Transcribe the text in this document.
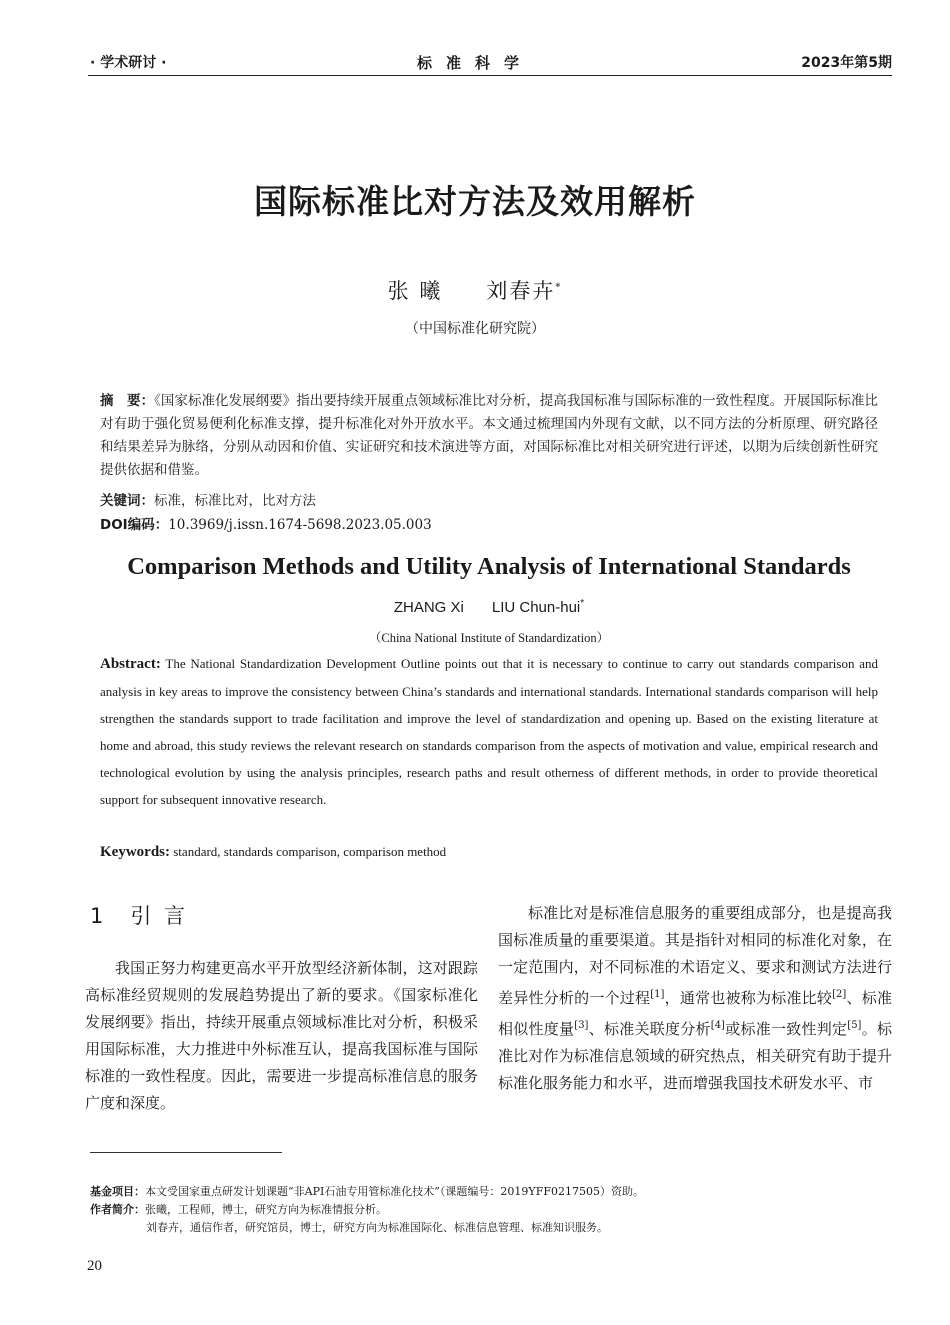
· 学术研讨 ·	标准科学	2023年第5期
国际标准比对方法及效用解析
张 曦 刘春卉*
（中国标准化研究院）
摘　要：《国家标准化发展纲要》指出要持续开展重点领域标准比对分析，提高我国标准与国际标准的一致性程度。开展国际标准比对有助于强化贸易便利化标准支撑，提升标准化对外开放水平。本文通过梳理国内外现有文献，以不同方法的分析原理、研究路径和结果差异为脉络，分别从动因和价值、实证研究和技术演进等方面，对国际标准比对相关研究进行评述，以期为后续创新性研究提供依据和借鉴。
关键词：标准，标准比对，比对方法
DOI编码：10.3969/j.issn.1674-5698.2023.05.003
Comparison Methods and Utility Analysis of International Standards
ZHANG Xi LIU Chun-hui*
（China National Institute of Standardization）
Abstract: The National Standardization Development Outline points out that it is necessary to continue to carry out standards comparison and analysis in key areas to improve the consistency between China’s standards and international standards. International standards comparison will help strengthen the standards support to trade facilitation and improve the level of standardization and opening up. Based on the existing literature at home and abroad, this study reviews the relevant research on standards comparison from the aspects of motivation and value, empirical research and technological evolution by using the analysis principles, research paths and result otherness of different methods, in order to provide theoretical support for subsequent innovative research.
Keywords: standard, standards comparison, comparison method
1　引 言

我国正努力构建更高水平开放型经济新体制，这对跟踪高标准经贸规则的发展趋势提出了新的要求。《国家标准化发展纲要》指出，持续开展重点领域标准比对分析，积极采用国际标准，大力推进中外标准互认，提高我国标准与国际标准的一致性程度。因此，需要进一步提高标准信息的服务广度和深度。

标准比对是标准信息服务的重要组成部分，也是提高我国标准质量的重要渠道。其是指针对相同的标准化对象，在一定范围内，对不同标准的术语定义、要求和测试方法进行差异性分析的一个过程[1]，通常也被称为标准比较[2]、标准相似性度量[3]、标准关联度分析[4]或标准一致性判定[5]。标准比对作为标准信息领域的研究热点，相关研究有助于提升标准化服务能力和水平，进而增强我国技术研发水平、市

基金项目：本文受国家重点研发计划课题“非API石油专用管标准化技术”（课题编号：2019YFF0217505）资助。
作者简介：张曦，工程师，博士，研究方向为标准情报分析。
刘春卉，通信作者，研究馆员，博士，研究方向为标准国际化、标准信息管理、标准知识服务。
20
